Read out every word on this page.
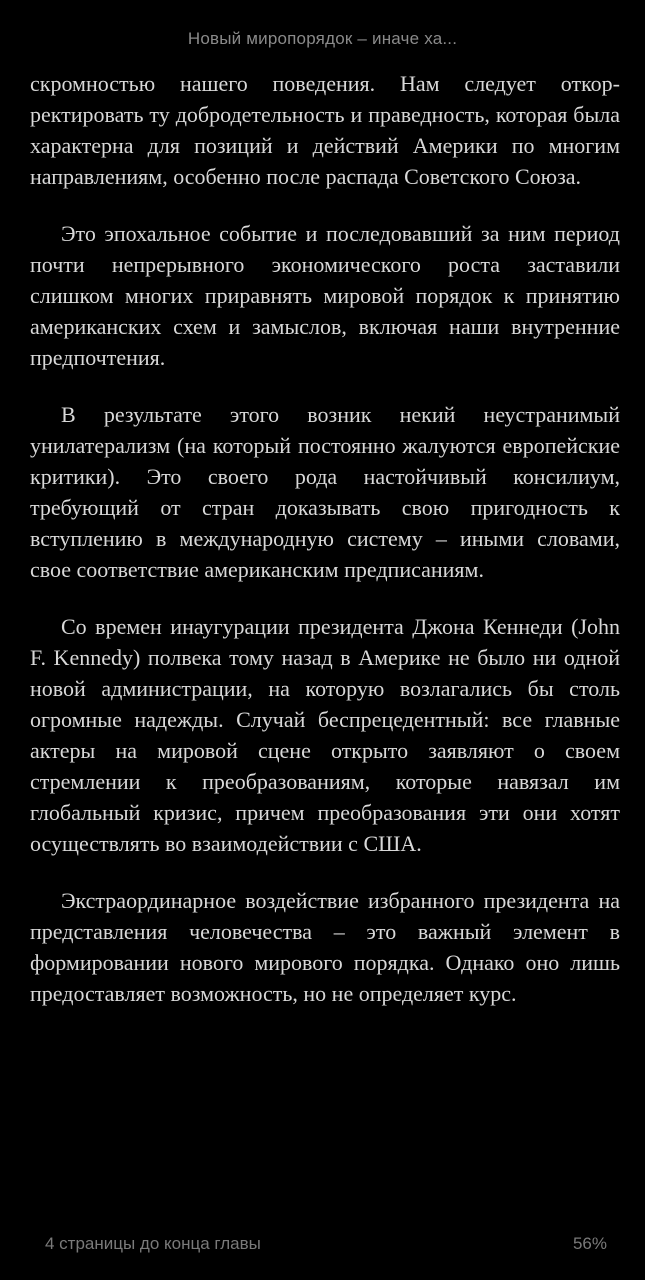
Новый миропорядок – иначе ха...

скромностью нашего поведения. Нам следует откорректировать ту добродетельность и праведность, которая была характерна для позиций и действий Америки по многим направлениям, особенно после распада Советского Союза.

Это эпохальное событие и последовавший за ним период почти непрерывного экономического роста заставили слишком многих приравнять мировой порядок к принятию американских схем и замыслов, включая наши внутренние предпочтения.

В результате этого возник некий неустранимый унилатерализм (на который постоянно жалуются европейские критики). Это своего рода настойчивый консилиум, требующий от стран доказывать свою пригодность к вступлению в международную систему – иными словами, свое соответствие американским предписаниям.

Со времен инаугурации президента Джона Кеннеди (John F. Kennedy) полвека тому назад в Америке не было ни одной новой администрации, на которую возлагались бы столь огромные надежды. Случай беспрецедентный: все главные актеры на мировой сцене открыто заявляют о своем стремлении к преобразованиям, которые навязал им глобальный кризис, причем преобразования эти они хотят осуществлять во взаимодействии с США.

Экстраординарное воздействие избранного президента на представления человечества – это важный элемент в формировании нового мирового порядка. Однако оно лишь предоставляет возможность, но не определяет курс.

4 страницы до конца главы	56%
